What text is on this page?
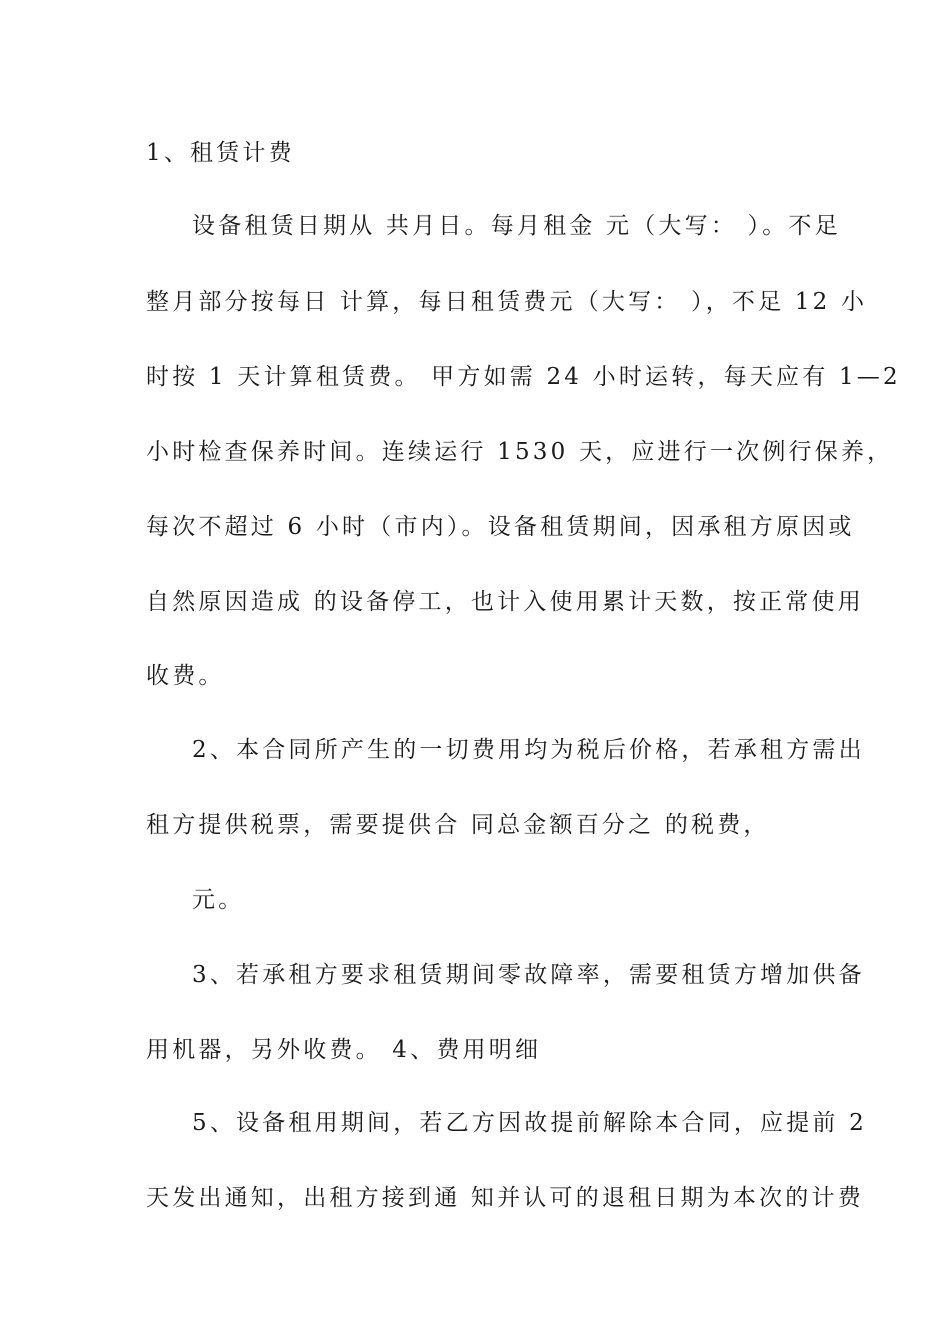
1、租赁计费
设备租赁日期从 共月日。每月租金 元（大写： ）。不足
整月部分按每日 计算，每日租赁费元（大写： ），不足 12 小
时按 1 天计算租赁费。 甲方如需 24 小时运转，每天应有 1—2
小时检查保养时间。连续运行 1530 天，应进行一次例行保养，
每次不超过 6 小时（市内）。设备租赁期间，因承租方原因或
自然原因造成 的设备停工，也计入使用累计天数，按正常使用
收费。
2、本合同所产生的一切费用均为税后价格，若承租方需出
租方提供税票，需要提供合 同总金额百分之 的税费，
元。
3、若承租方要求租赁期间零故障率，需要租赁方增加供备
用机器，另外收费。 4、费用明细
5、设备租用期间，若乙方因故提前解除本合同，应提前 2
天发出通知，出租方接到通 知并认可的退租日期为本次的计费
